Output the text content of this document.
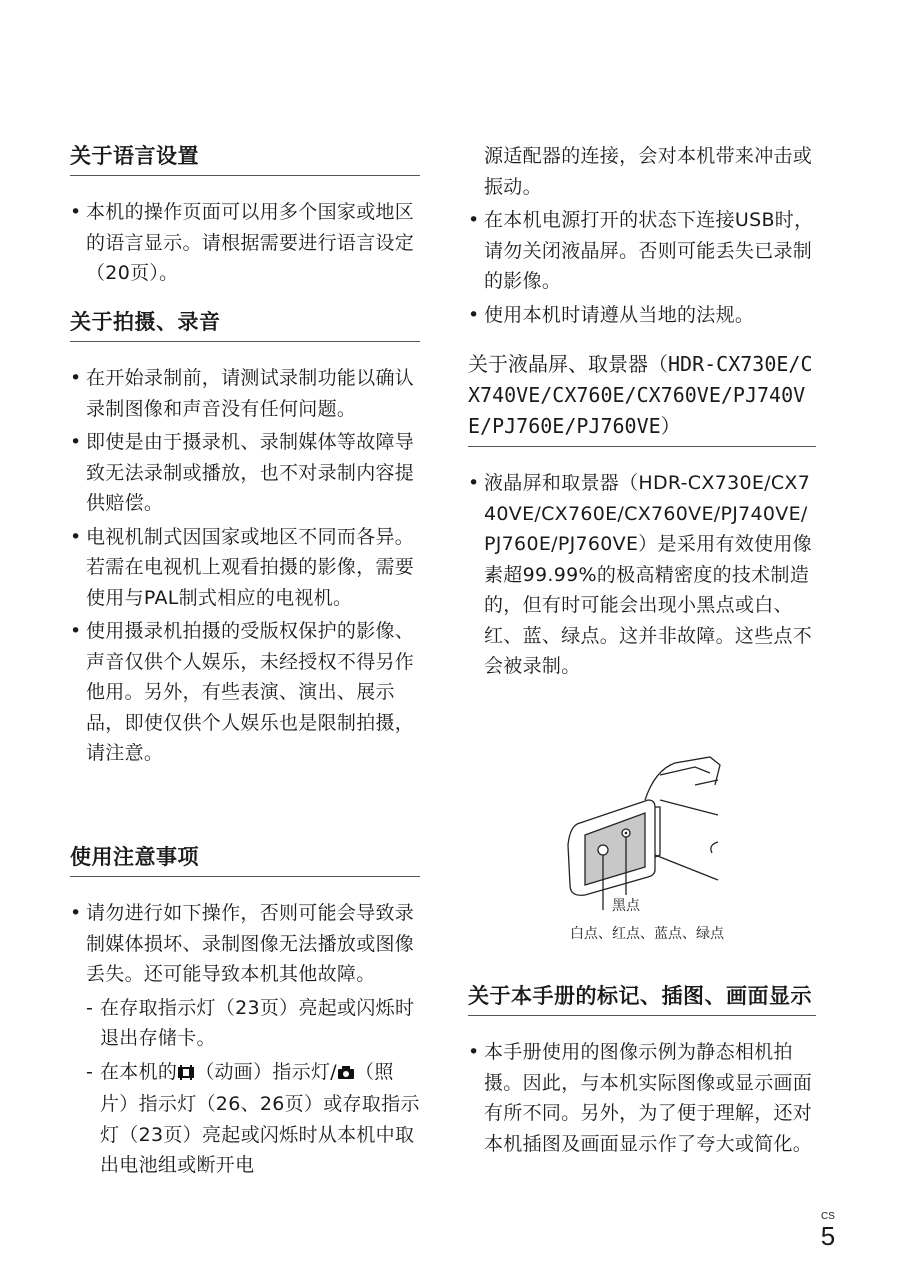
关于语言设置
• 本机的操作页面可以用多个国家或地区的语言显示。请根据需要进行语言设定（20页）。
关于拍摄、录音
• 在开始录制前，请测试录制功能以确认录制图像和声音没有任何问题。
• 即使是由于摄录机、录制媒体等故障导致无法录制或播放，也不对录制内容提供赔偿。
• 电视机制式因国家或地区不同而各异。若需在电视机上观看拍摄的影像，需要使用与PAL制式相应的电视机。
• 使用摄录机拍摄的受版权保护的影像、声音仅供个人娱乐，未经授权不得另作他用。另外，有些表演、演出、展示品，即使仅供个人娱乐也是限制拍摄，请注意。
使用注意事项
• 请勿进行如下操作，否则可能会导致录制媒体损坏、录制图像无法播放或图像丢失。还可能导致本机其他故障。
- 在存取指示灯（23页）亮起或闪烁时退出存储卡。
- 在本机的 （动画）指示灯/ （照片）指示灯（26、26页）或存取指示灯（23页）亮起或闪烁时从本机中取出电池组或断开电
源适配器的连接，会对本机带来冲击或振动。
• 在本机电源打开的状态下连接USB时，请勿关闭液晶屏。否则可能丢失已录制的影像。
• 使用本机时请遵从当地的法规。
关于液晶屏、取景器（HDR-CX730E/CX740VE/CX760E/CX760VE/PJ740VE/PJ760E/PJ760VE）
• 液晶屏和取景器（HDR-CX730E/CX740VE/CX760E/CX760VE/PJ740VE/PJ760E/PJ760VE）是采用有效使用像素超99.99%的极高精密度的技术制造的，但有时可能会出现小黑点或白、红、蓝、绿点。这并非故障。这些点不会被录制。
黑点
白点、红点、蓝点、绿点
关于本手册的标记、插图、画面显示
• 本手册使用的图像示例为静态相机拍摄。因此，与本机实际图像或显示画面有所不同。另外，为了便于理解，还对本机插图及画面显示作了夸大或简化。
CS
5
